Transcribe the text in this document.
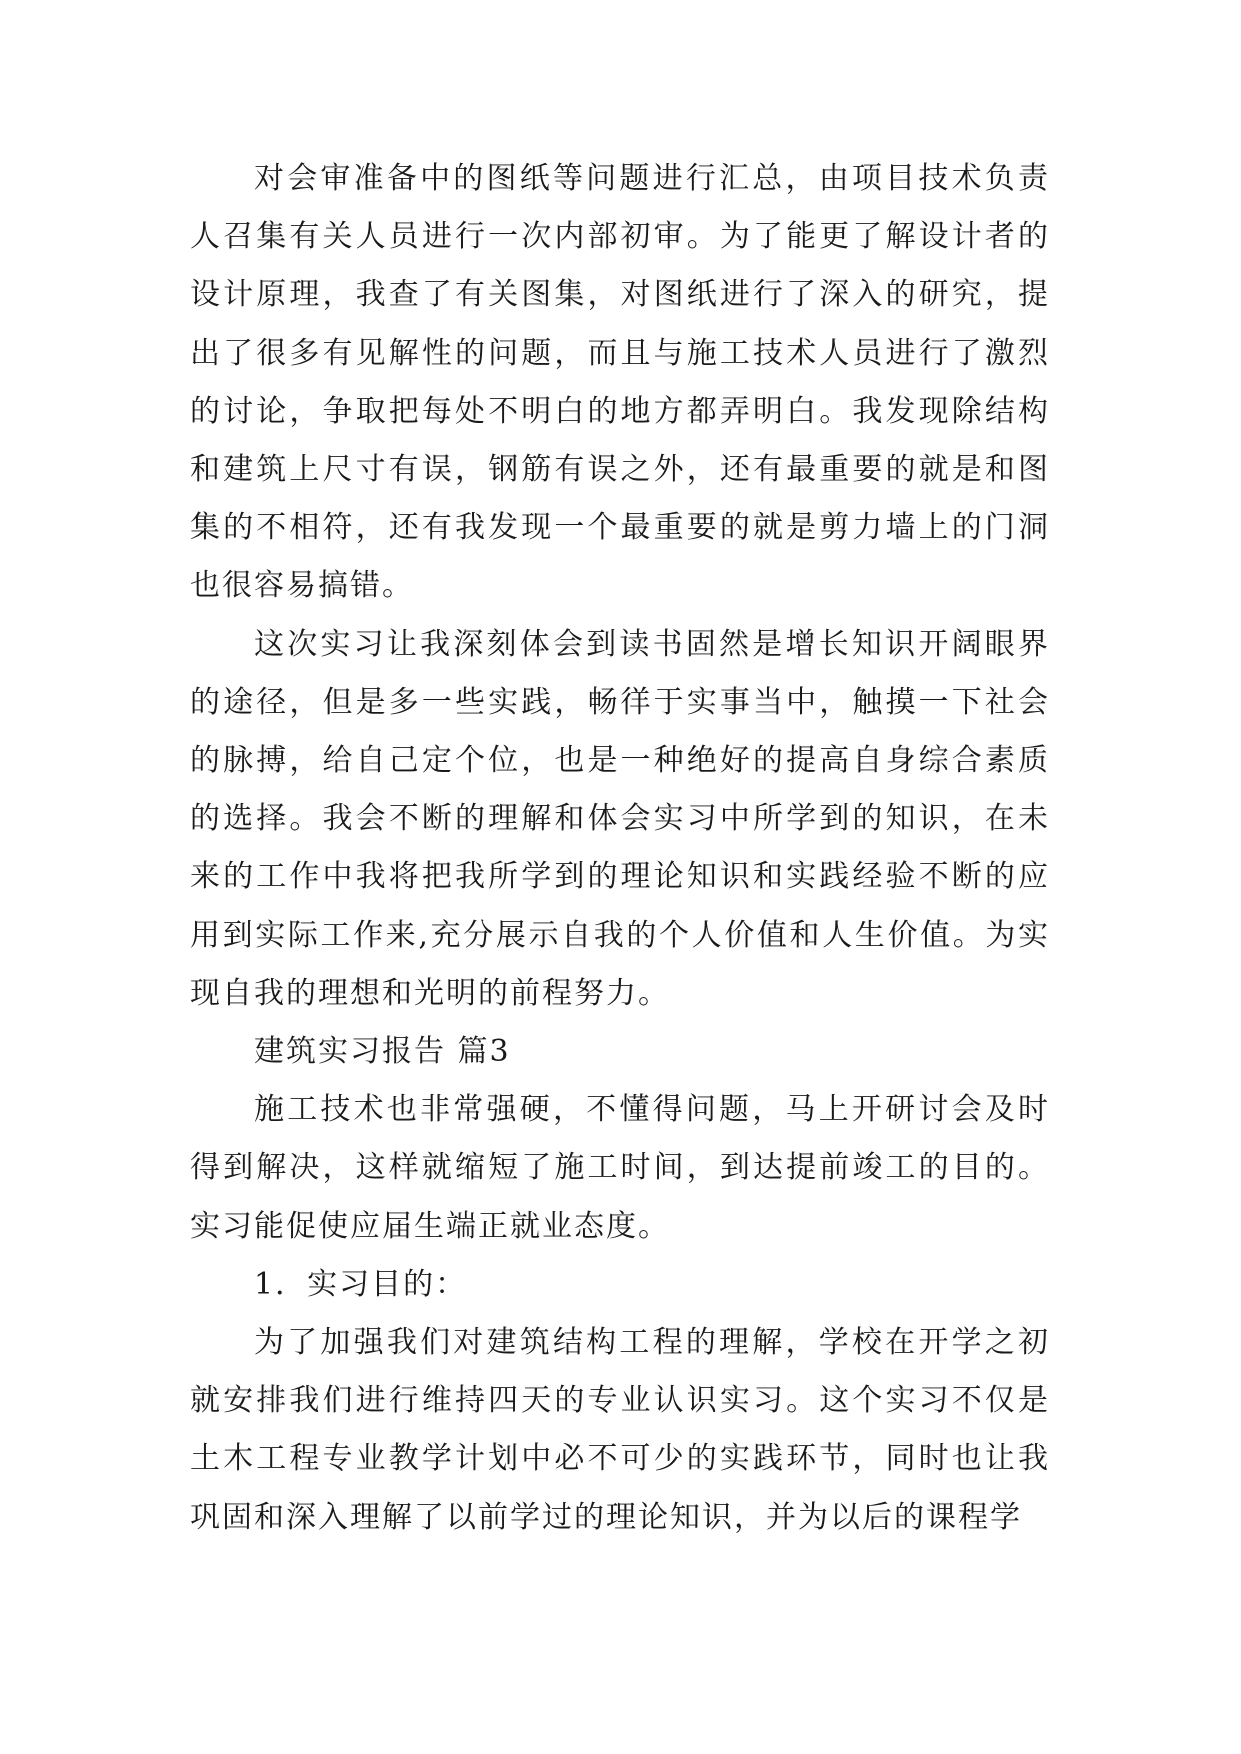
对会审准备中的图纸等问题进行汇总，由项目技术负责人召集有关人员进行一次内部初审。为了能更了解设计者的设计原理，我查了有关图集，对图纸进行了深入的研究，提出了很多有见解性的问题，而且与施工技术人员进行了激烈的讨论，争取把每处不明白的地方都弄明白。我发现除结构和建筑上尺寸有误，钢筋有误之外，还有最重要的就是和图集的不相符，还有我发现一个最重要的就是剪力墙上的门洞也很容易搞错。

这次实习让我深刻体会到读书固然是增长知识开阔眼界的途径，但是多一些实践，畅徉于实事当中，触摸一下社会的脉搏，给自己定个位，也是一种绝好的提高自身综合素质的选择。我会不断的理解和体会实习中所学到的知识，在未来的工作中我将把我所学到的理论知识和实践经验不断的应用到实际工作来,充分展示自我的个人价值和人生价值。为实现自我的理想和光明的前程努力。

建筑实习报告 篇3

施工技术也非常强硬，不懂得问题，马上开研讨会及时得到解决，这样就缩短了施工时间，到达提前竣工的目的。实习能促使应届生端正就业态度。

1．实习目的：

为了加强我们对建筑结构工程的理解，学校在开学之初就安排我们进行维持四天的专业认识实习。这个实习不仅是土木工程专业教学计划中必不可少的实践环节，同时也让我巩固和深入理解了以前学过的理论知识，并为以后的课程学
